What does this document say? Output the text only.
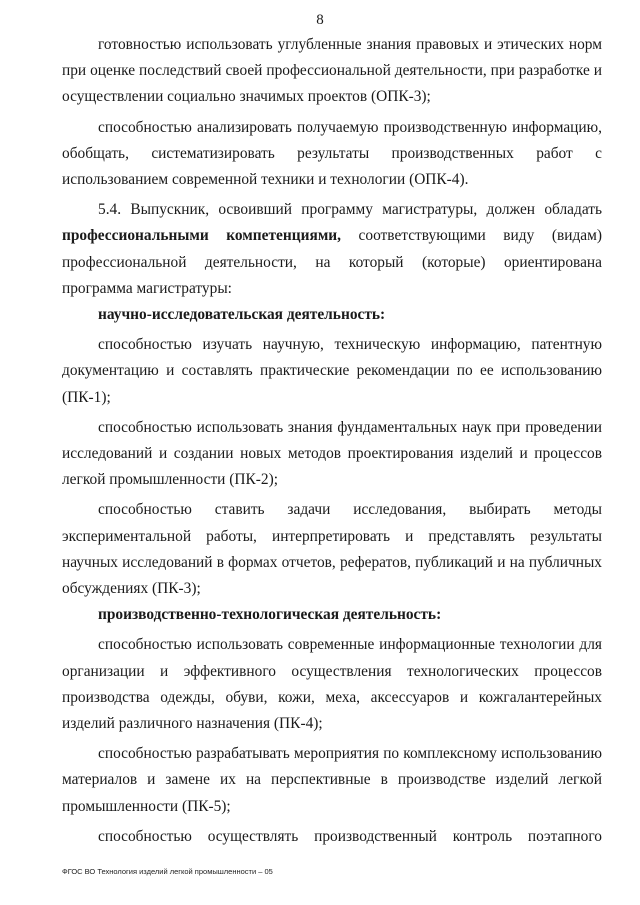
8

готовностью использовать углубленные знания правовых и этических норм при оценке последствий своей профессиональной деятельности, при разработке и осуществлении социально значимых проектов (ОПК-3);

способностью анализировать получаемую производственную информацию, обобщать, систематизировать результаты производственных работ с использованием современной техники и технологии (ОПК-4).

5.4. Выпускник, освоивший программу магистратуры, должен обладать профессиональными компетенциями, соответствующими виду (видам) профессиональной деятельности, на который (которые) ориентирована программа магистратуры:

научно-исследовательская деятельность:

способностью изучать научную, техническую информацию, патентную документацию и составлять практические рекомендации по ее использованию (ПК-1);

способностью использовать знания фундаментальных наук при проведении исследований и создании новых методов проектирования изделий и процессов легкой промышленности (ПК-2);

способностью ставить задачи исследования, выбирать методы экспериментальной работы, интерпретировать и представлять результаты научных исследований в формах отчетов, рефератов, публикаций и на публичных обсуждениях (ПК-3);

производственно-технологическая деятельность:

способностью использовать современные информационные технологии для организации и эффективного осуществления технологических процессов производства одежды, обуви, кожи, меха, аксессуаров и кожгалантерейных изделий различного назначения (ПК-4);

способностью разрабатывать мероприятия по комплексному использованию материалов и замене их на перспективные в производстве изделий легкой промышленности (ПК-5);

способностью осуществлять производственный контроль поэтапного

ФГОС ВО Технология изделий легкой промышленности – 05
